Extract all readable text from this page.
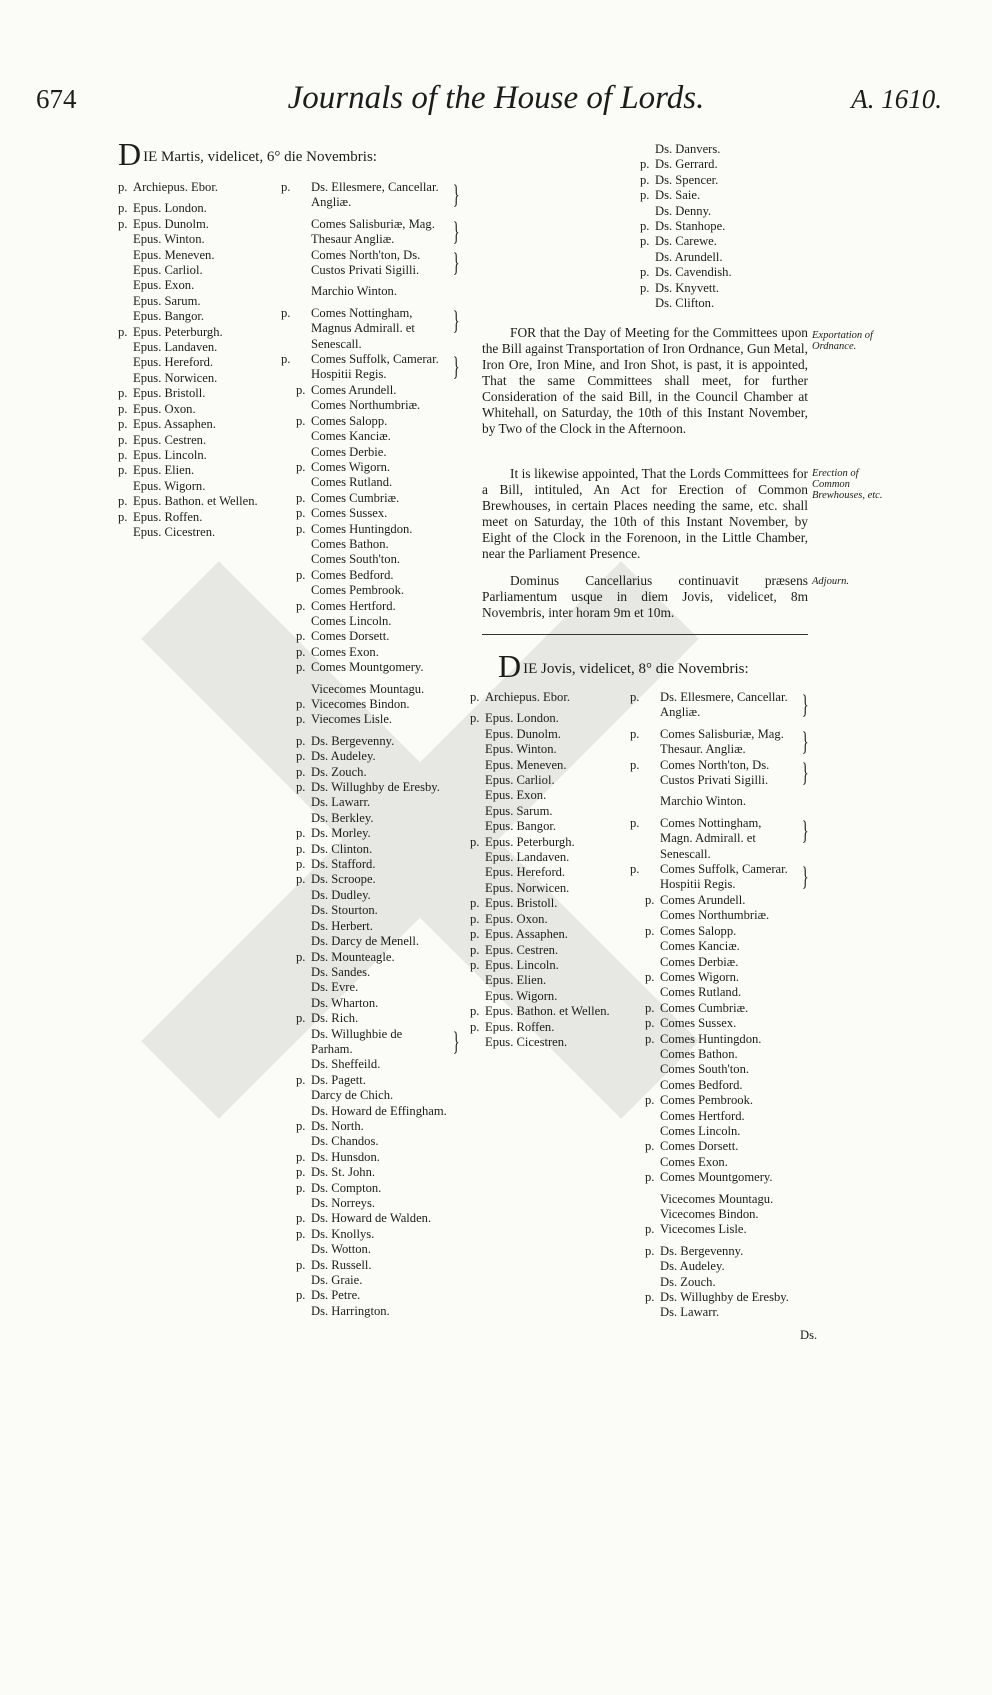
674	Journals of the House of Lords.	A. 1610.
DIE Martis, videlicet, 6° die Novembris:
p. Archiepus. Ebor.
p. Epus. London.
p. Epus. Dunolm.
Epus. Winton.
Epus. Meneven.
Epus. Carliol.
Epus. Exon.
Epus. Sarum.
Epus. Bangor.
p. Epus. Peterburgh.
Epus. Landaven.
Epus. Hereford.
Epus. Norwicen.
p. Epus. Bristoll.
p. Epus. Oxon.
p. Epus. Assaphen.
p. Epus. Cestren.
p. Epus. Lincoln.
p. Epus. Elien.
Epus. Wigorn.
p. Epus. Bathon. et Wellen.
p. Epus. Roffen.
Epus. Cicestren.
p. Ds. Ellesmere, Cancellar. Angliæ. }
Comes Salisburiæ, Mag. Thesaur Angliæ. }
Comes North'ton, Ds. Custos Privati Sigilli. }
Marchio Winton.
p. Comes Nottingham, Magnus Admirall. et Senescall. }
p. Comes Suffolk, Camerar. Hospitii Regis. }
p. Comes Arundell.
Comes Northumbriæ.
p. Comes Salopp.
Comes Kanciæ.
Comes Derbie.
p. Comes Wigorn.
Comes Rutland.
p. Comes Cumbriæ.
p. Comes Sussex.
p. Comes Huntingdon.
Comes Bathon.
Comes South'ton.
p. Comes Bedford.
Comes Pembrook.
p. Comes Hertford.
Comes Lincoln.
p. Comes Dorsett.
p. Comes Exon.
p. Comes Mountgomery.
Vicecomes Mountagu.
p. Vicecomes Bindon.
p. Viecomes Lisle.
p. Ds. Bergevenny.
p. Ds. Audeley.
p. Ds. Zouch.
p. Ds. Willughby de Eresby.
Ds. Lawarr.
Ds. Berkley.
p. Ds. Morley.
p. Ds. Clinton.
p. Ds. Stafford.
p. Ds. Scroope.
Ds. Dudley.
Ds. Stourton.
Ds. Herbert.
Ds. Darcy de Menell.
p. Ds. Mounteagle.
Ds. Sandes.
Ds. Evre.
Ds. Wharton.
p. Ds. Rich.
Ds. Willughbie de Parham. }
Ds. Sheffeild.
p. Ds. Pagett.
Darcy de Chich.
Ds. Howard de Effingham.
p. Ds. North.
Ds. Chandos.
p. Ds. Hunsdon.
p. Ds. St. John.
p. Ds. Compton.
Ds. Norreys.
p. Ds. Howard de Walden.
p. Ds. Knollys.
Ds. Wotton.
p. Ds. Russell.
Ds. Graie.
p. Ds. Petre.
Ds. Harrington.
Ds. Danvers.
p. Ds. Gerrard.
p. Ds. Spencer.
p. Ds. Saie.
Ds. Denny.
p. Ds. Stanhope.
p. Ds. Carewe.
Ds. Arundell.
p. Ds. Cavendish.
p. Ds. Knyvett.
Ds. Clifton.

FOR that the Day of Meeting for the Committees upon the Bill against Transportation of Iron Ordnance, Gun Metal, Iron Ore, Iron Mine, and Iron Shot, is past, it is appointed, That the same Committees shall meet, for further Consideration of the said Bill, in the Council Chamber at Whitehall, on Saturday, the 10th of this Instant November, by Two of the Clock in the Afternoon.

Exportation of Ordnance.

It is likewise appointed, That the Lords Committees for a Bill, intituled, An Act for Erection of Common Brewhouses, in certain Places needing the same, etc. shall meet on Saturday, the 10th of this Instant November, by Eight of the Clock in the Forenoon, in the Little Chamber, near the Parliament Presence.

Erection of Common Brewhouses, etc.

Dominus Cancellarius continuavit præsens Parliamentum usque in diem Jovis, videlicet, 8m Novembris, inter horam 9m et 10m.

Adjourn.
DIE Jovis, videlicet, 8° die Novembris:
p. Archiepus. Ebor.
p. Epus. London.
Epus. Dunolm.
Epus. Winton.
Epus. Meneven.
Epus. Carliol.
Epus. Exon.
Epus. Sarum.
Epus. Bangor.
p. Epus. Peterburgh.
Epus. Landaven.
Epus. Hereford.
Epus. Norwicen.
p. Epus. Bristoll.
p. Epus. Oxon.
p. Epus. Assaphen.
p. Epus. Cestren.
p. Epus. Lincoln.
Epus. Elien.
Epus. Wigorn.
p. Epus. Bathon. et Wellen.
p. Epus. Roffen.
Epus. Cicestren.
p. Ds. Ellesmere, Cancellar. Angliæ. }
p. Comes Salisburiæ, Mag. Thesaur. Angliæ. }
p. Comes North'ton, Ds. Custos Privati Sigilli. }
Marchio Winton.
p. Comes Nottingham, Magn. Admirall. et Senescall. }
p. Comes Suffolk, Camerar. Hospitii Regis. }
p. Comes Arundell.
Comes Northumbriæ.
p. Comes Salopp.
Comes Kanciæ.
Comes Derbiæ.
p. Comes Wigorn.
Comes Rutland.
p. Comes Cumbriæ.
p. Comes Sussex.
p. Comes Huntingdon.
Comes Bathon.
Comes South'ton.
Comes Bedford.
p. Comes Pembrook.
Comes Hertford.
Comes Lincoln.
p. Comes Dorsett.
Comes Exon.
p. Comes Mountgomery.
Vicecomes Mountagu.
Vicecomes Bindon.
p. Vicecomes Lisle.
p. Ds. Bergevenny.
Ds. Audeley.
Ds. Zouch.
p. Ds. Willughby de Eresby.
Ds. Lawarr.
Ds.
